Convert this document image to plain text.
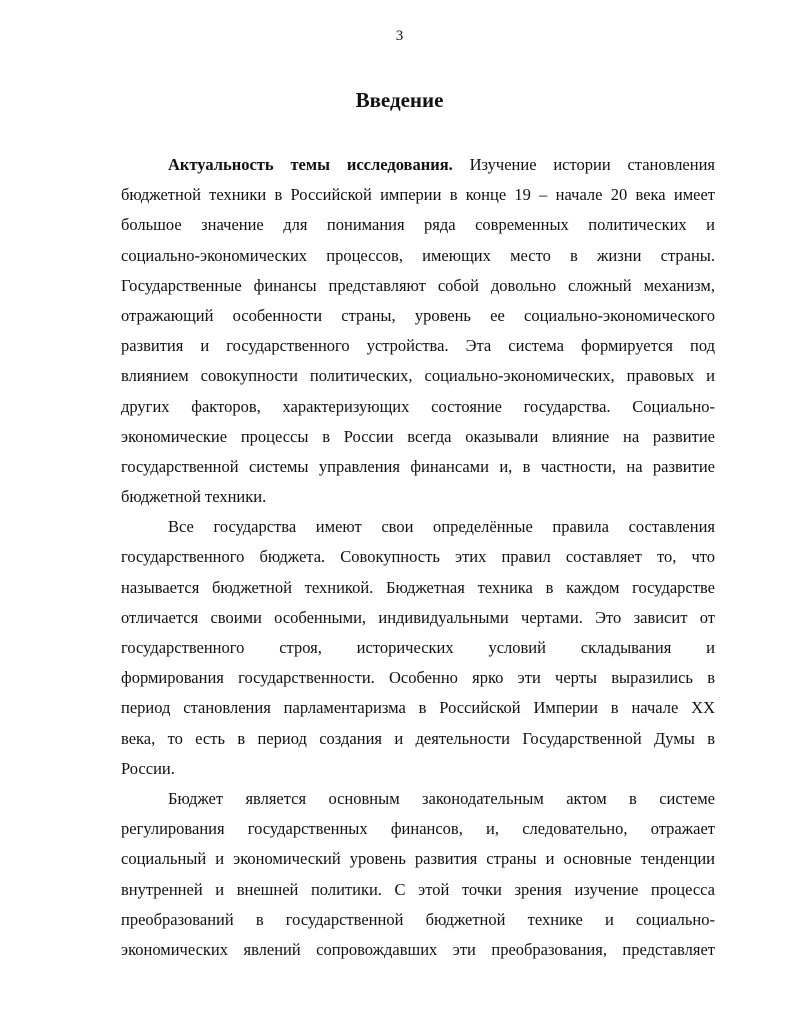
3
Введение
Актуальность темы исследования. Изучение истории становления
бюджетной техники в Российской империи в конце 19 – начале 20 века имеет
большое значение для понимания ряда современных политических и
социально-экономических процессов, имеющих место в жизни страны.
Государственные финансы представляют собой довольно сложный механизм,
отражающий особенности страны, уровень ее социально-экономического
развития и государственного устройства. Эта система формируется под
влиянием совокупности политических, социально-экономических, правовых и
других факторов, характеризующих состояние государства. Социально-
экономические процессы в России всегда оказывали влияние на развитие
государственной системы управления финансами и, в частности, на развитие
бюджетной техники.
Все государства имеют свои определённые правила составления
государственного бюджета. Совокупность этих правил составляет то, что
называется бюджетной техникой. Бюджетная техника в каждом государстве
отличается своими особенными, индивидуальными чертами. Это зависит от
государственного строя, исторических условий складывания и
формирования государственности. Особенно ярко эти черты выразились в
период становления парламентаризма в Российской Империи в начале XX
века, то есть в период создания и деятельности Государственной Думы в
России.
Бюджет является основным законодательным актом в системе
регулирования государственных финансов, и, следовательно, отражает
социальный и экономический уровень развития страны и основные тенденции
внутренней и внешней политики. С этой точки зрения изучение процесса
преобразований в государственной бюджетной технике и социально-
экономических явлений сопровождавших эти преобразования, представляет
